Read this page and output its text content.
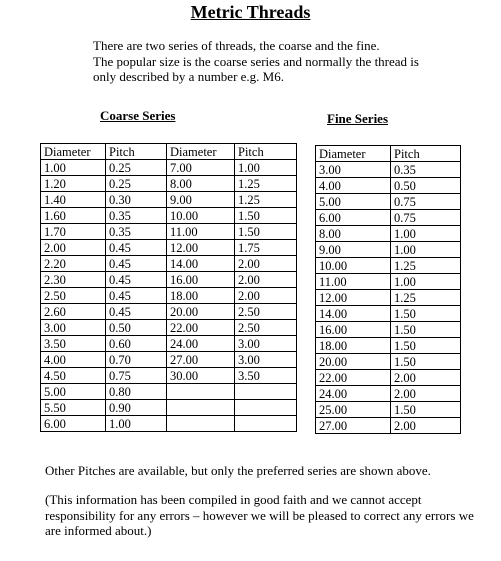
Metric Threads

There are two series of threads, the coarse and the fine.

The popular size is the coarse series and normally the thread is

only described by a number e.g. M6.

Coarse Series	Fine Series
Diameter	Pitch	Diameter	Pitch
1.00	0.25	7.00	1.00
1.20	0.25	8.00	1.25
1.40	0.30	9.00	1.25
1.60	0.35	10.00	1.50
1.70	0.35	11.00	1.50
2.00	0.45	12.00	1.75
2.20	0.45	14.00	2.00
2.30	0.45	16.00	2.00
2.50	0.45	18.00	2.00
2.60	0.45	20.00	2.50
3.00	0.50	22.00	2.50
3.50	0.60	24.00	3.00
4.00	0.70	27.00	3.00
4.50	0.75	30.00	3.50
5.00	0.80		
5.50	0.90		
6.00	1.00		
Diameter	Pitch
3.00	0.35
4.00	0.50
5.00	0.75
6.00	0.75
8.00	1.00
9.00	1.00
10.00	1.25
11.00	1.00
12.00	1.25
14.00	1.50
16.00	1.50
18.00	1.50
20.00	1.50
22.00	2.00
24.00	2.00
25.00	1.50
27.00	2.00
Other Pitches are available, but only the preferred series are shown above.
(This information has been compiled in good faith and we cannot accept responsibility for any errors – however we will be pleased to correct any errors we are informed about.)
